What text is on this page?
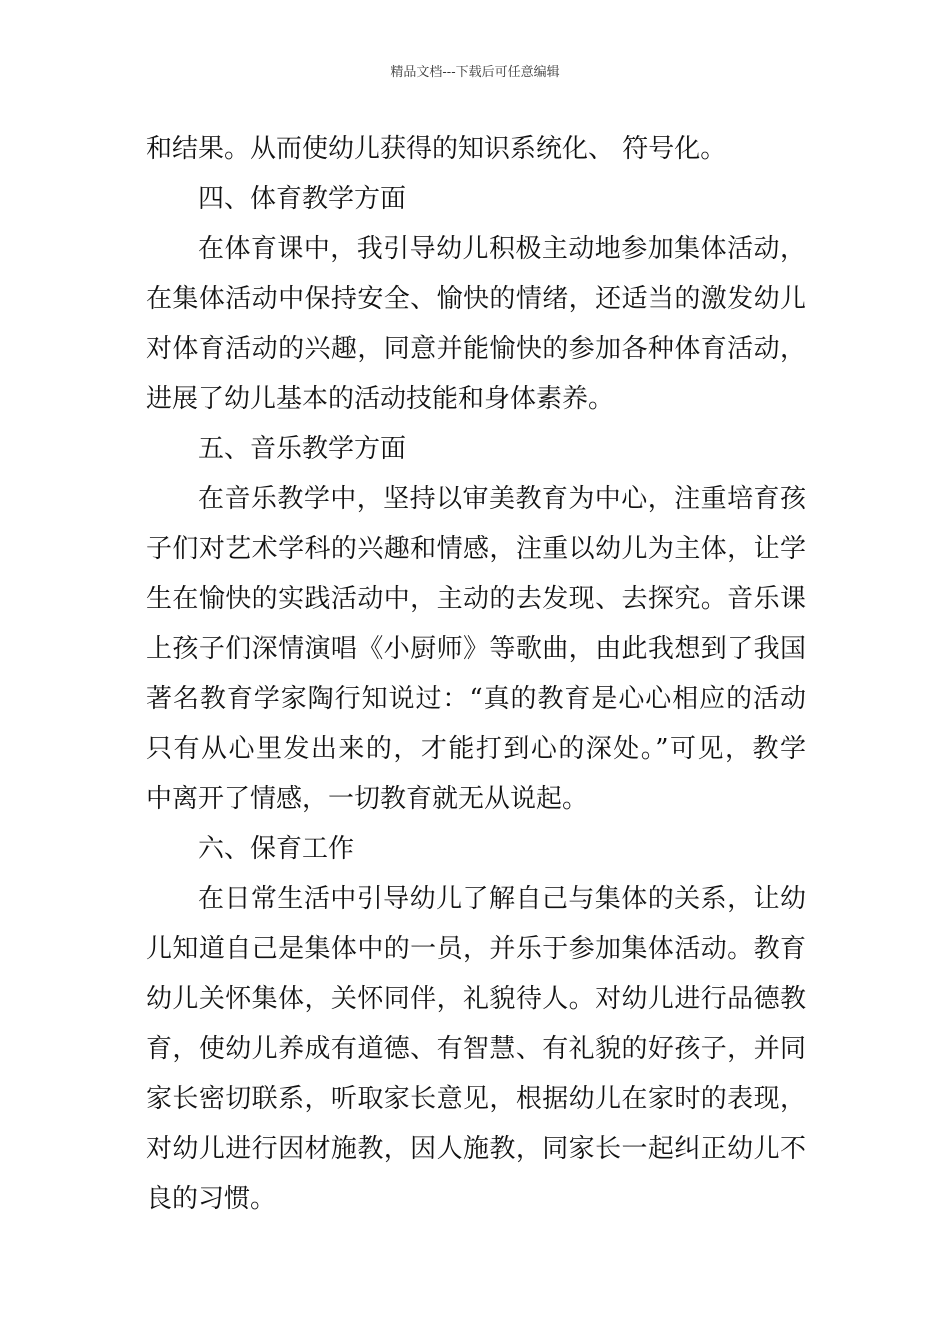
精品文档---下载后可任意编辑
和结果。从而使幼儿获得的知识系统化、 符号化。
四、体育教学方面
在体育课中，我引导幼儿积极主动地参加集体活动，
在集体活动中保持安全、愉快的情绪，还适当的激发幼儿
对体育活动的兴趣，同意并能愉快的参加各种体育活动，
进展了幼儿基本的活动技能和身体素养。
五、音乐教学方面
在音乐教学中，坚持以审美教育为中心，注重培育孩
子们对艺术学科的兴趣和情感，注重以幼儿为主体，让学
生在愉快的实践活动中，主动的去发现、去探究。音乐课
上孩子们深情演唱《小厨师》等歌曲，由此我想到了我国
著名教育学家陶行知说过：“真的教育是心心相应的活动
只有从心里发出来的，才能打到心的深处。”可见，教学
中离开了情感，一切教育就无从说起。
六、保育工作
在日常生活中引导幼儿了解自己与集体的关系，让幼
儿知道自己是集体中的一员，并乐于参加集体活动。教育
幼儿关怀集体，关怀同伴，礼貌待人。对幼儿进行品德教
育，使幼儿养成有道德、有智慧、有礼貌的好孩子，并同
家长密切联系，听取家长意见，根据幼儿在家时的表现，
对幼儿进行因材施教，因人施教，同家长一起纠正幼儿不
良的习惯。
